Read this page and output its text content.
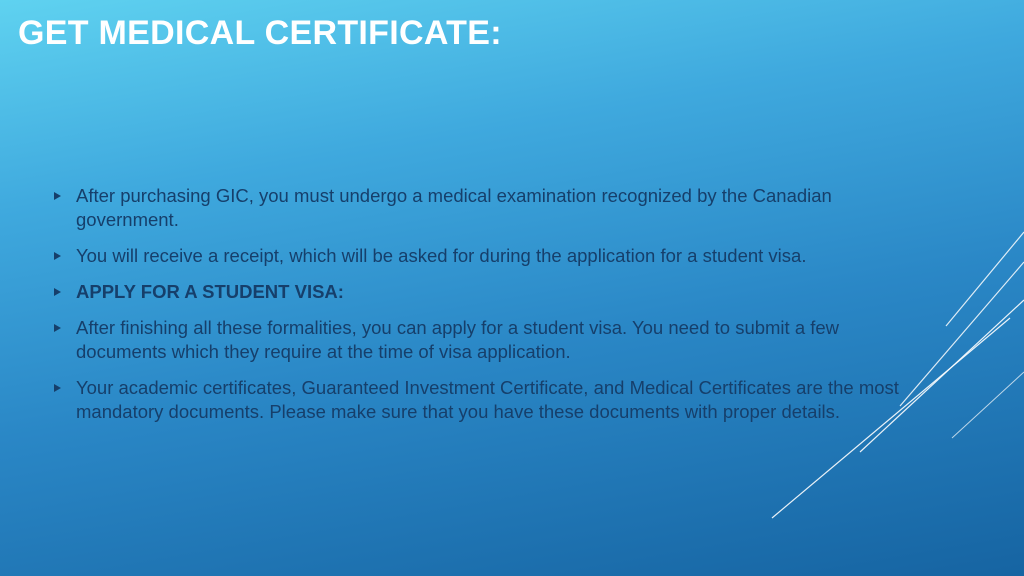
GET MEDICAL CERTIFICATE:
After purchasing GIC, you must undergo a medical examination recognized by the Canadian government.
You will receive a receipt, which will be asked for during the application for a student visa.
APPLY FOR A STUDENT VISA:
After finishing all these formalities, you can apply for a student visa. You need to submit a few documents which they require at the time of visa application.
Your academic certificates, Guaranteed Investment Certificate, and Medical Certificates are the most mandatory documents. Please make sure that you have these documents with proper details.
